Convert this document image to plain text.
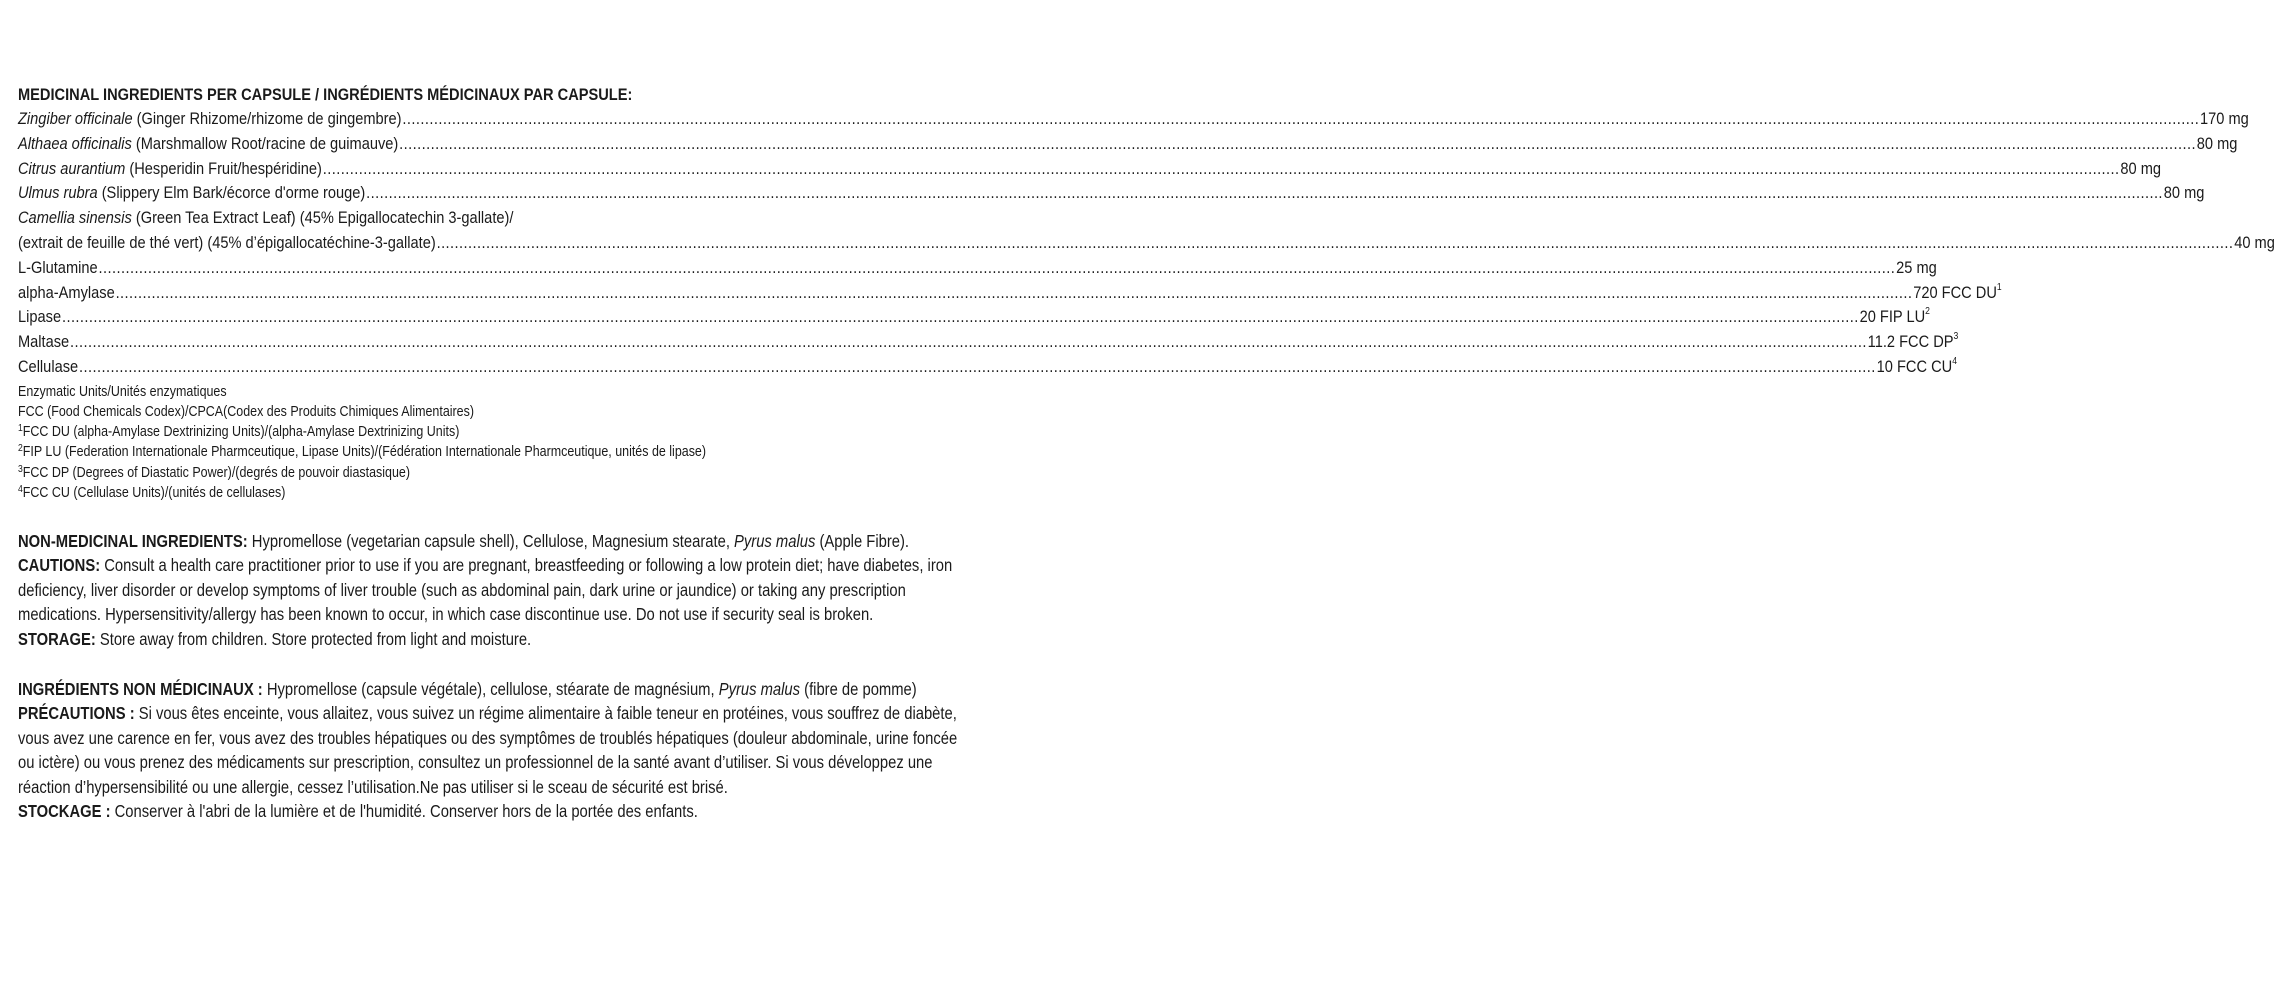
MEDICINAL INGREDIENTS PER CAPSULE / INGRÉDIENTS MÉDICINAUX PAR CAPSULE:
Zingiber officinale (Ginger Rhizome/rhizome de gingembre) ................................................................................................................................................................................................................................................................................................................................................................................................................ 170 mg
Althaea officinalis (Marshmallow Root/racine de guimauve) ................................................................................................................................................................................................................................................................................................................................................................................................................ 80 mg
Citrus aurantium (Hesperidin Fruit/hespéridine) ................................................................................................................................................................................................................................................................................................................................................................................................................ 80 mg
Ulmus rubra (Slippery Elm Bark/écorce d'orme rouge) ................................................................................................................................................................................................................................................................................................................................................................................................................ 80 mg
Camellia sinensis (Green Tea Extract Leaf) (45% Epigallocatechin 3-gallate)/
(extrait de feuille de thé vert) (45% d’épigallocatéchine-3-gallate) ................................................................................................................................................................................................................................................................................................................................................................................................................ 40 mg
L-Glutamine ................................................................................................................................................................................................................................................................................................................................................................................................................ 25 mg
alpha-Amylase ................................................................................................................................................................................................................................................................................................................................................................................................................ 720 FCC $DU^1$
Lipase ................................................................................................................................................................................................................................................................................................................................................................................................................ 20 FIP $LU^2$
Maltase ................................................................................................................................................................................................................................................................................................................................................................................................................ 11.2 FCC $DP^3$
Cellulase ................................................................................................................................................................................................................................................................................................................................................................................................................ 10 FCC $CU^4$
Enzymatic Units/Unités enzymatiques
FCC (Food Chemicals Codex)/CPCA(Codex des Produits Chimiques Alimentaires)
$^1$FCC DU (alpha-Amylase Dextrinizing Units)/(alpha-Amylase Dextrinizing Units)
$^2$FIP LU (Federation Internationale Pharmceutique, Lipase Units)/(Fédération Internationale Pharmceutique, unités de lipase)
$^3$FCC DP (Degrees of Diastatic Power)/(degrés de pouvoir diastasique)
$^4$FCC CU (Cellulase Units)/(unités de cellulases)
NON-MEDICINAL INGREDIENTS: Hypromellose (vegetarian capsule shell), Cellulose, Magnesium stearate, Pyrus malus (Apple Fibre).
CAUTIONS: Consult a health care practitioner prior to use if you are pregnant, breastfeeding or following a low protein diet; have diabetes, iron deficiency, liver disorder or develop symptoms of liver trouble (such as abdominal pain, dark urine or jaundice) or taking any prescription medications. Hypersensitivity/allergy has been known to occur, in which case discontinue use. Do not use if security seal is broken.
STORAGE: Store away from children. Store protected from light and moisture.
INGRÉDIENTS NON MÉDICINAUX : Hypromellose (capsule végétale), cellulose, stéarate de magnésium, Pyrus malus (fibre de pomme)
PRÉCAUTIONS : Si vous êtes enceinte, vous allaitez, vous suivez un régime alimentaire à faible teneur en protéines, vous souffrez de diabète, vous avez une carence en fer, vous avez des troubles hépatiques ou des symptômes de troublés hépatiques (douleur abdominale, urine foncée ou ictère) ou vous prenez des médicaments sur prescription, consultez un professionnel de la santé avant d’utiliser. Si vous développez une réaction d’hypersensibilité ou une allergie, cessez l’utilisation.Ne pas utiliser si le sceau de sécurité est brisé.
STOCKAGE : Conserver à l'abri de la lumière et de l'humidité. Conserver hors de la portée des enfants.
